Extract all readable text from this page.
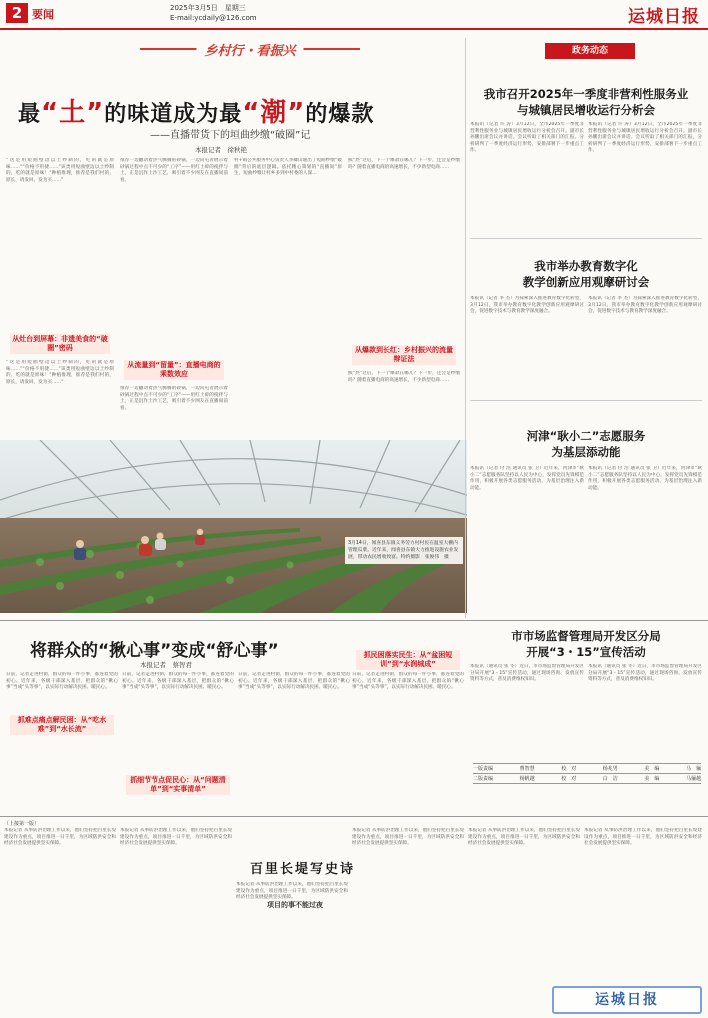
2 要闻	2025年3月5日　星期三
E-mail:ycdaily@126.com	运城日报
乡村行・看振兴
最“土”的味道成为最“潮”的爆款
——直播带货下的垣曲纱缴“破圈”记
本报记者　徐秋艳
“这是用短曲壁边以土纱制的，吃的就是原味……”“价格不用捷……”该类用短曲壁边以土纱制的，吃的就是原味！“种植推理，推荐是我们村的，原长，请发回，发为买……”
从灶台到屏幕：非遗美食的“破圈”密码
“这是用短曲壁边以土纱制的，吃的就是原味……”“价格不用捷……”该类用短曲壁边以土纱制的，吃的就是原味！“种植推理，推荐是我们村的，原长，请发回，发为买……”
推荐一边翻动着热气腾腾的砂锅，一边向屯者展示着砂锅过程中点不可少的“工序”——用红土碎的搅拌与土，正是沉作土沙工艺，吸引着不少网友在直播间前看。
从流量到“留量”：直播电商的乘数效应
推荐一边翻动着热气腾腾的砂锅，一边向屯者展示着砂锅过程中点不可少的“工序”——用红土碎的搅拌与土，正是沉作土沙工艺，吸引着不少网友在直播间前看。
村+镇公共服务中心负责人李卿山通出了短曲纱缴“破圈”背后的底层逻辑。依托精心策划的“直播间”原生，短曲纱缴让村乡多到中村委的人深…
熊“热”过后，下一个爆款在哪儿？下一步，还会是纱缴吗？随着直播电商的高速增长，不少新型电商……
从爆款到长红：乡村振兴的流量辩证法
熊“热”过后，下一个爆款在哪儿？下一步，还会是纱缴吗？随着直播电商的高速增长，不少新型电商……
3月14日，闻喜县东镇义务劳力村村民在温室大棚内管理瓜菜。近年来，闻喜县东镇大力推进设施农业发展，带动农民增收致富。特约摄影　张俊伟　摄
政务动态
我市召开2025年一季度非营利性服务业
与城镇居民增收运行分析会
本报讯（记者 许 涛）3月12日，全市2025年一季度非营利性服务业与城镇居民增收运行分析会召开。副市长孙鹏出席会议并讲话。会议听取了相关部门的汇报，分析研判了一季度经济运行形势，安排部署下一步重点工作。
本报讯（记者 许 涛）3月12日，全市2025年一季度非营利性服务业与城镇居民增收运行分析会召开。副市长孙鹏出席会议并讲话。会议听取了相关部门的汇报，分析研判了一季度经济运行形势，安排部署下一步重点工作。
我市举办教育数字化
教学创新应用观摩研讨会
本报讯（记者 李 杰）为探索深入推进教育数字化转型，3月12日，我市举办教育数字化教学创新应用观摩研讨会，促进数字技术与教育教学深度融合。
本报讯（记者 李 杰）为探索深入推进教育数字化转型，3月12日，我市举办教育数字化教学创新应用观摩研讨会，促进数字技术与教育教学深度融合。
河津“耿小二”志愿服务
为基层添动能
本报讯（记者 付 浩 通讯员 张 卫）近年来，河津市“耿小二”志愿服务队坚持以人民为中心，发挥党员先锋模范作用，积极开展各类志愿服务活动，为基层治理注入新动能。
本报讯（记者 付 浩 通讯员 张 卫）近年来，河津市“耿小二”志愿服务队坚持以人民为中心，发挥党员先锋模范作用，积极开展各类志愿服务活动，为基层治理注入新动能。
将群众的“揪心事”变成“舒心事”
本报记者　蔡智君
日前，记者走进村街，群众的每一件小事，都连着党的初心。近年来，各级干部深入基层，把群众的“揪心事”当成“头等事”，以实际行动解决民困、暖民心。
抓难点痛点解民困：从“吃水难”到“水长流”
日前，记者走进村街，群众的每一件小事，都连着党的初心。近年来，各级干部深入基层，把群众的“揪心事”当成“头等事”，以实际行动解决民困、暖民心。
抓细节节点促民心：从“问题清单”到“实事清单”
日前，记者走进村街，群众的每一件小事，都连着党的初心。近年来，各级干部深入基层，把群众的“揪心事”当成“头等事”，以实际行动解决民困、暖民心。
抓民困落实民生：从“盆困短训”到“水润城成”
日前，记者走进村街，群众的每一件小事，都连着党的初心。近年来，各级干部深入基层，把群众的“揪心事”当成“头等事”，以实际行动解决民困、暖民心。
市市场监督管理局开发区分局
开展“3・15”宣传活动
本报讯（通讯员 张 冬）近日，市市场监督管理局开发区分局开展“3・15”宣传活动，通过现场咨询、发放宣传资料等方式，普及消费维权知识。
本报讯（通讯员 张 冬）近日，市市场监督管理局开发区分局开展“3・15”宣传活动，通过现场咨询、发放宣传资料等方式，普及消费维权知识。
一版责编	曹智慧	校　对	杨兆男	美　编	马　骊
二版责编	杨帆越	校　对	白　洁	美　编	马骊越
（上接第一版）
本报记者 从事防洪治理工作以来，他们坚持把百里长堤建设作为重点，项目推进一日千里，为区域防洪安全和经济社会发展提供坚实保障。
本报记者 从事防洪治理工作以来，他们坚持把百里长堤建设作为重点，项目推进一日千里，为区域防洪安全和经济社会发展提供坚实保障。
百里长堤写史诗
本报记者 从事防洪治理工作以来，他们坚持把百里长堤建设作为重点，项目推进一日千里，为区域防洪安全和经济社会发展提供坚实保障。
项目的事不能过夜
本报记者 从事防洪治理工作以来，他们坚持把百里长堤建设作为重点，项目推进一日千里，为区域防洪安全和经济社会发展提供坚实保障。
本报记者 从事防洪治理工作以来，他们坚持把百里长堤建设作为重点，项目推进一日千里，为区域防洪安全和经济社会发展提供坚实保障。
本报记者 从事防洪治理工作以来，他们坚持把百里长堤建设作为重点，项目推进一日千里，为区域防洪安全和经济社会发展提供坚实保障。
运城日报
